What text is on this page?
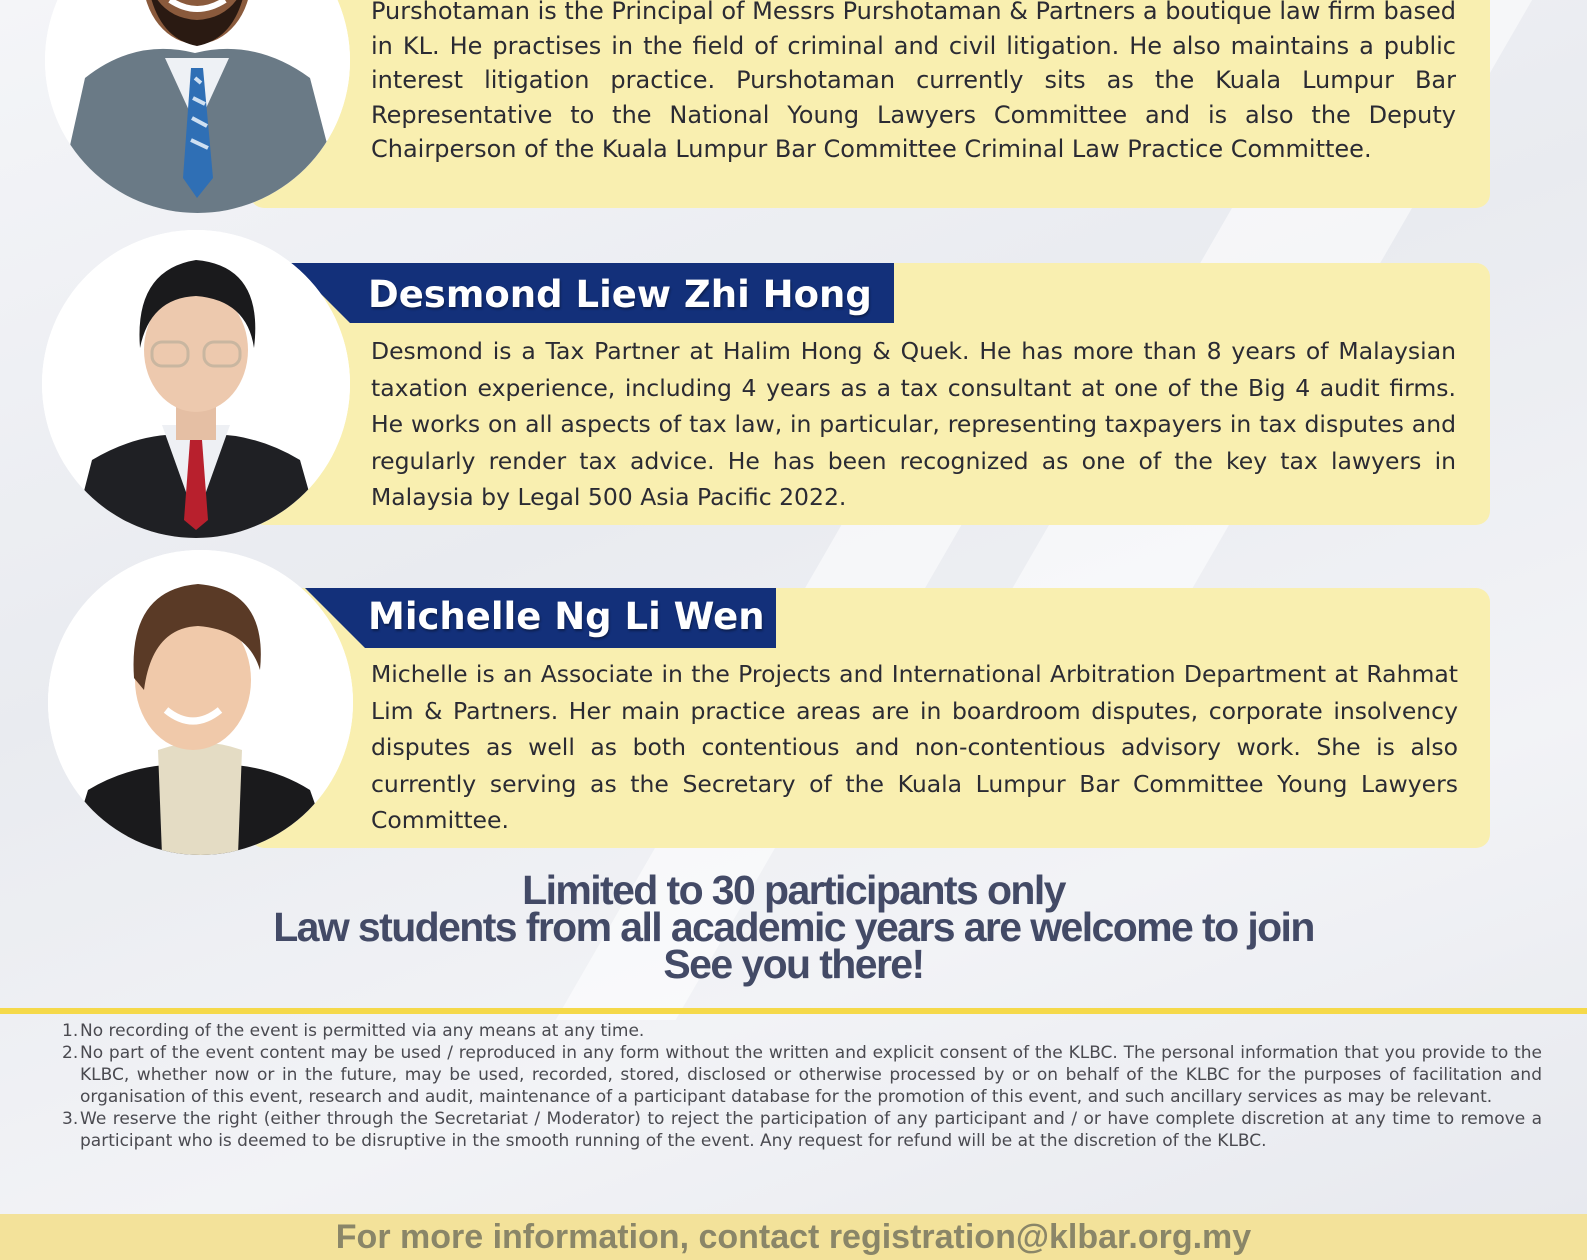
Purshotaman is the Principal of Messrs Purshotaman & Partners a boutique law firm based in KL. He practises in the field of criminal and civil litigation. He also maintains a public interest litigation practice. Purshotaman currently sits as the Kuala Lumpur Bar Representative to the National Young Lawyers Committee and is also the Deputy Chairperson of the Kuala Lumpur Bar Committee Criminal Law Practice Committee.

Desmond Liew Zhi Hong

Desmond is a Tax Partner at Halim Hong & Quek. He has more than 8 years of Malaysian taxation experience, including 4 years as a tax consultant at one of the Big 4 audit firms. He works on all aspects of tax law, in particular, representing taxpayers in tax disputes and regularly render tax advice. He has been recognized as one of the key tax lawyers in Malaysia by Legal 500 Asia Pacific 2022.

Michelle Ng Li Wen

Michelle is an Associate in the Projects and International Arbitration Department at Rahmat Lim & Partners. Her main practice areas are in boardroom disputes, corporate insolvency disputes as well as both contentious and non-contentious advisory work. She is also currently serving as the Secretary of the Kuala Lumpur Bar Committee Young Lawyers Committee.

Limited to 30 participants only

Law students from all academic years are welcome to join

See you there!

1. No recording of the event is permitted via any means at any time.
2. No part of the event content may be used / reproduced in any form without the written and explicit consent of the KLBC. The personal information that you provide to the KLBC, whether now or in the future, may be used, recorded, stored, disclosed or otherwise processed by or on behalf of the KLBC for the purposes of facilitation and organisation of this event, research and audit, maintenance of a participant database for the promotion of this event, and such ancillary services as may be relevant.
3. We reserve the right (either through the Secretariat / Moderator) to reject the participation of any participant and / or have complete discretion at any time to remove a participant who is deemed to be disruptive in the smooth running of the event. Any request for refund will be at the discretion of the KLBC.
For more information, contact registration@klbar.org.my
